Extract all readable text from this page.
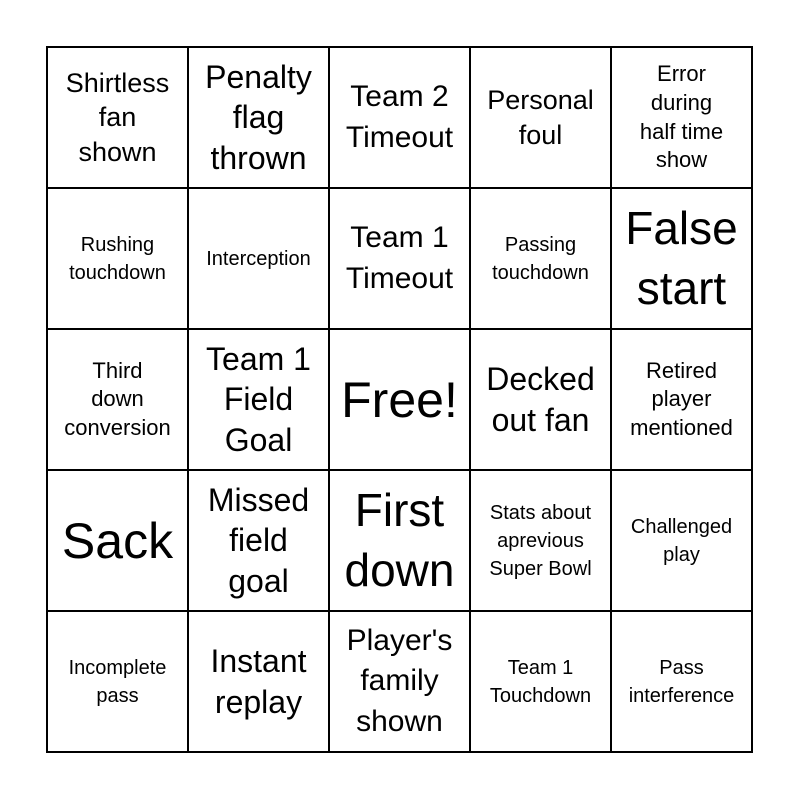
Shirtless
fan
shown
Penalty
flag
thrown
Team 2
Timeout
Personal
foul
Error
during
half time
show
Rushing
touchdown
Interception
Team 1
Timeout
Passing
touchdown
False
start
Third
down
conversion
Team 1
Field
Goal
Free! Decked
out fan
Retired
player
mentioned
Sack
Missed
field
goal
First
down
Stats about
aprevious
Super Bowl
Challenged
play
Incomplete
pass
Instant
replay
Player's
family
shown
Team 1
Touchdown
Pass
interference
